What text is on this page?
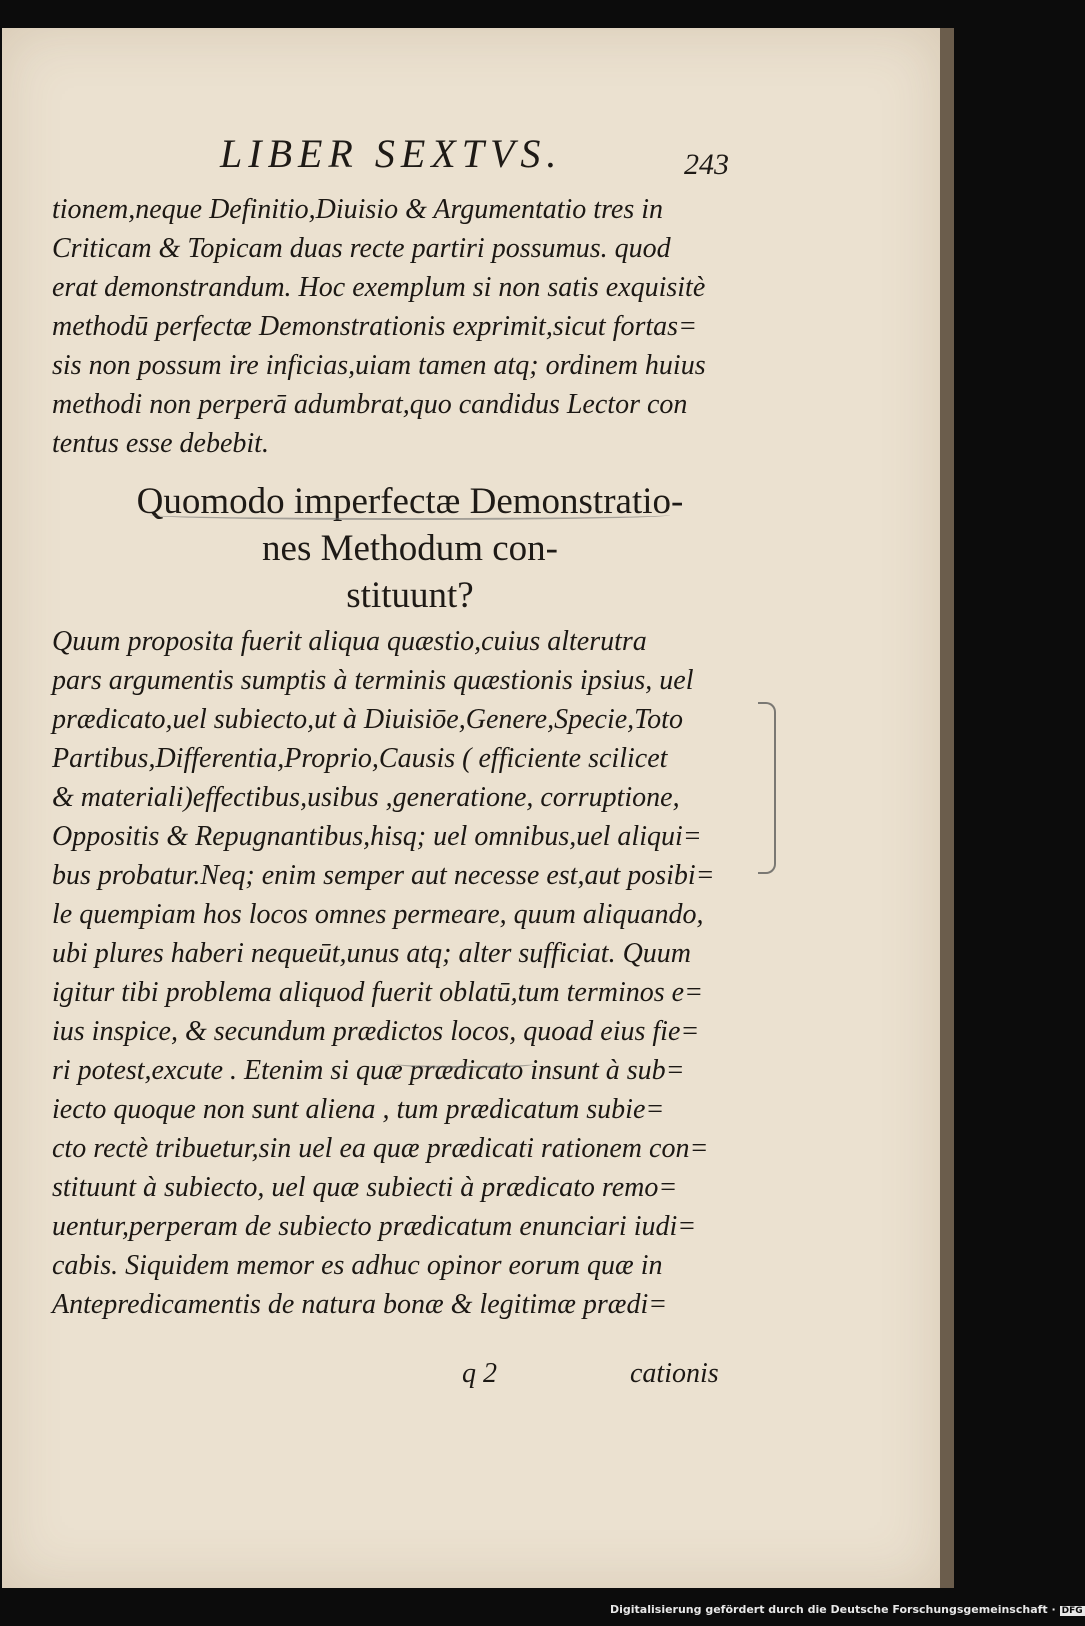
LIBER SEXTVS.	243
tionem,neque Definitio,Diuisio & Argumentatio tres in
Criticam & Topicam duas recte partiri possumus. quod
erat demonstrandum. Hoc exemplum si non satis exquisitè
methodū perfectæ Demonstrationis exprimit,sicut fortas=
sis non possum ire inficias,uiam tamen atq; ordinem huius
methodi non perperā adumbrat,quo candidus Lector con
tentus esse debebit.
Quomodo imperfectæ Demonstratio-
nes Methodum con-
stituunt?
Quum proposita fuerit aliqua quæstio,cuius alterutra
pars argumentis sumptis à terminis quæstionis ipsius, uel
prædicato,uel subiecto,ut à Diuisiōe,Genere,Specie,Toto
Partibus,Differentia,Proprio,Causis ( efficiente scilicet
& materiali)effectibus,usibus ,generatione, corruptione,
Oppositis & Repugnantibus,hisq; uel omnibus,uel aliqui=
bus probatur.Neq; enim semper aut necesse est,aut posibi=
le quempiam hos locos omnes permeare, quum aliquando,
ubi plures haberi nequeūt,unus atq; alter sufficiat. Quum
igitur tibi problema aliquod fuerit oblatū,tum terminos e=
ius inspice, & secundum prædictos locos, quoad eius fie=
ri potest,excute . Etenim si quæ prædicato insunt à sub=
iecto quoque non sunt aliena , tum prædicatum subie=
cto rectè tribuetur,sin uel ea quæ prædicati rationem con=
stituunt à subiecto, uel quæ subiecti à prædicato remo=
uentur,perperam de subiecto prædicatum enunciari iudi=
cabis. Siquidem memor es adhuc opinor eorum quæ in
Antepredicamentis de natura bonæ & legitimæ prædi=
q 2	cationis
Digitalisierung gefördert durch die Deutsche Forschungsgemeinschaft · DFG
